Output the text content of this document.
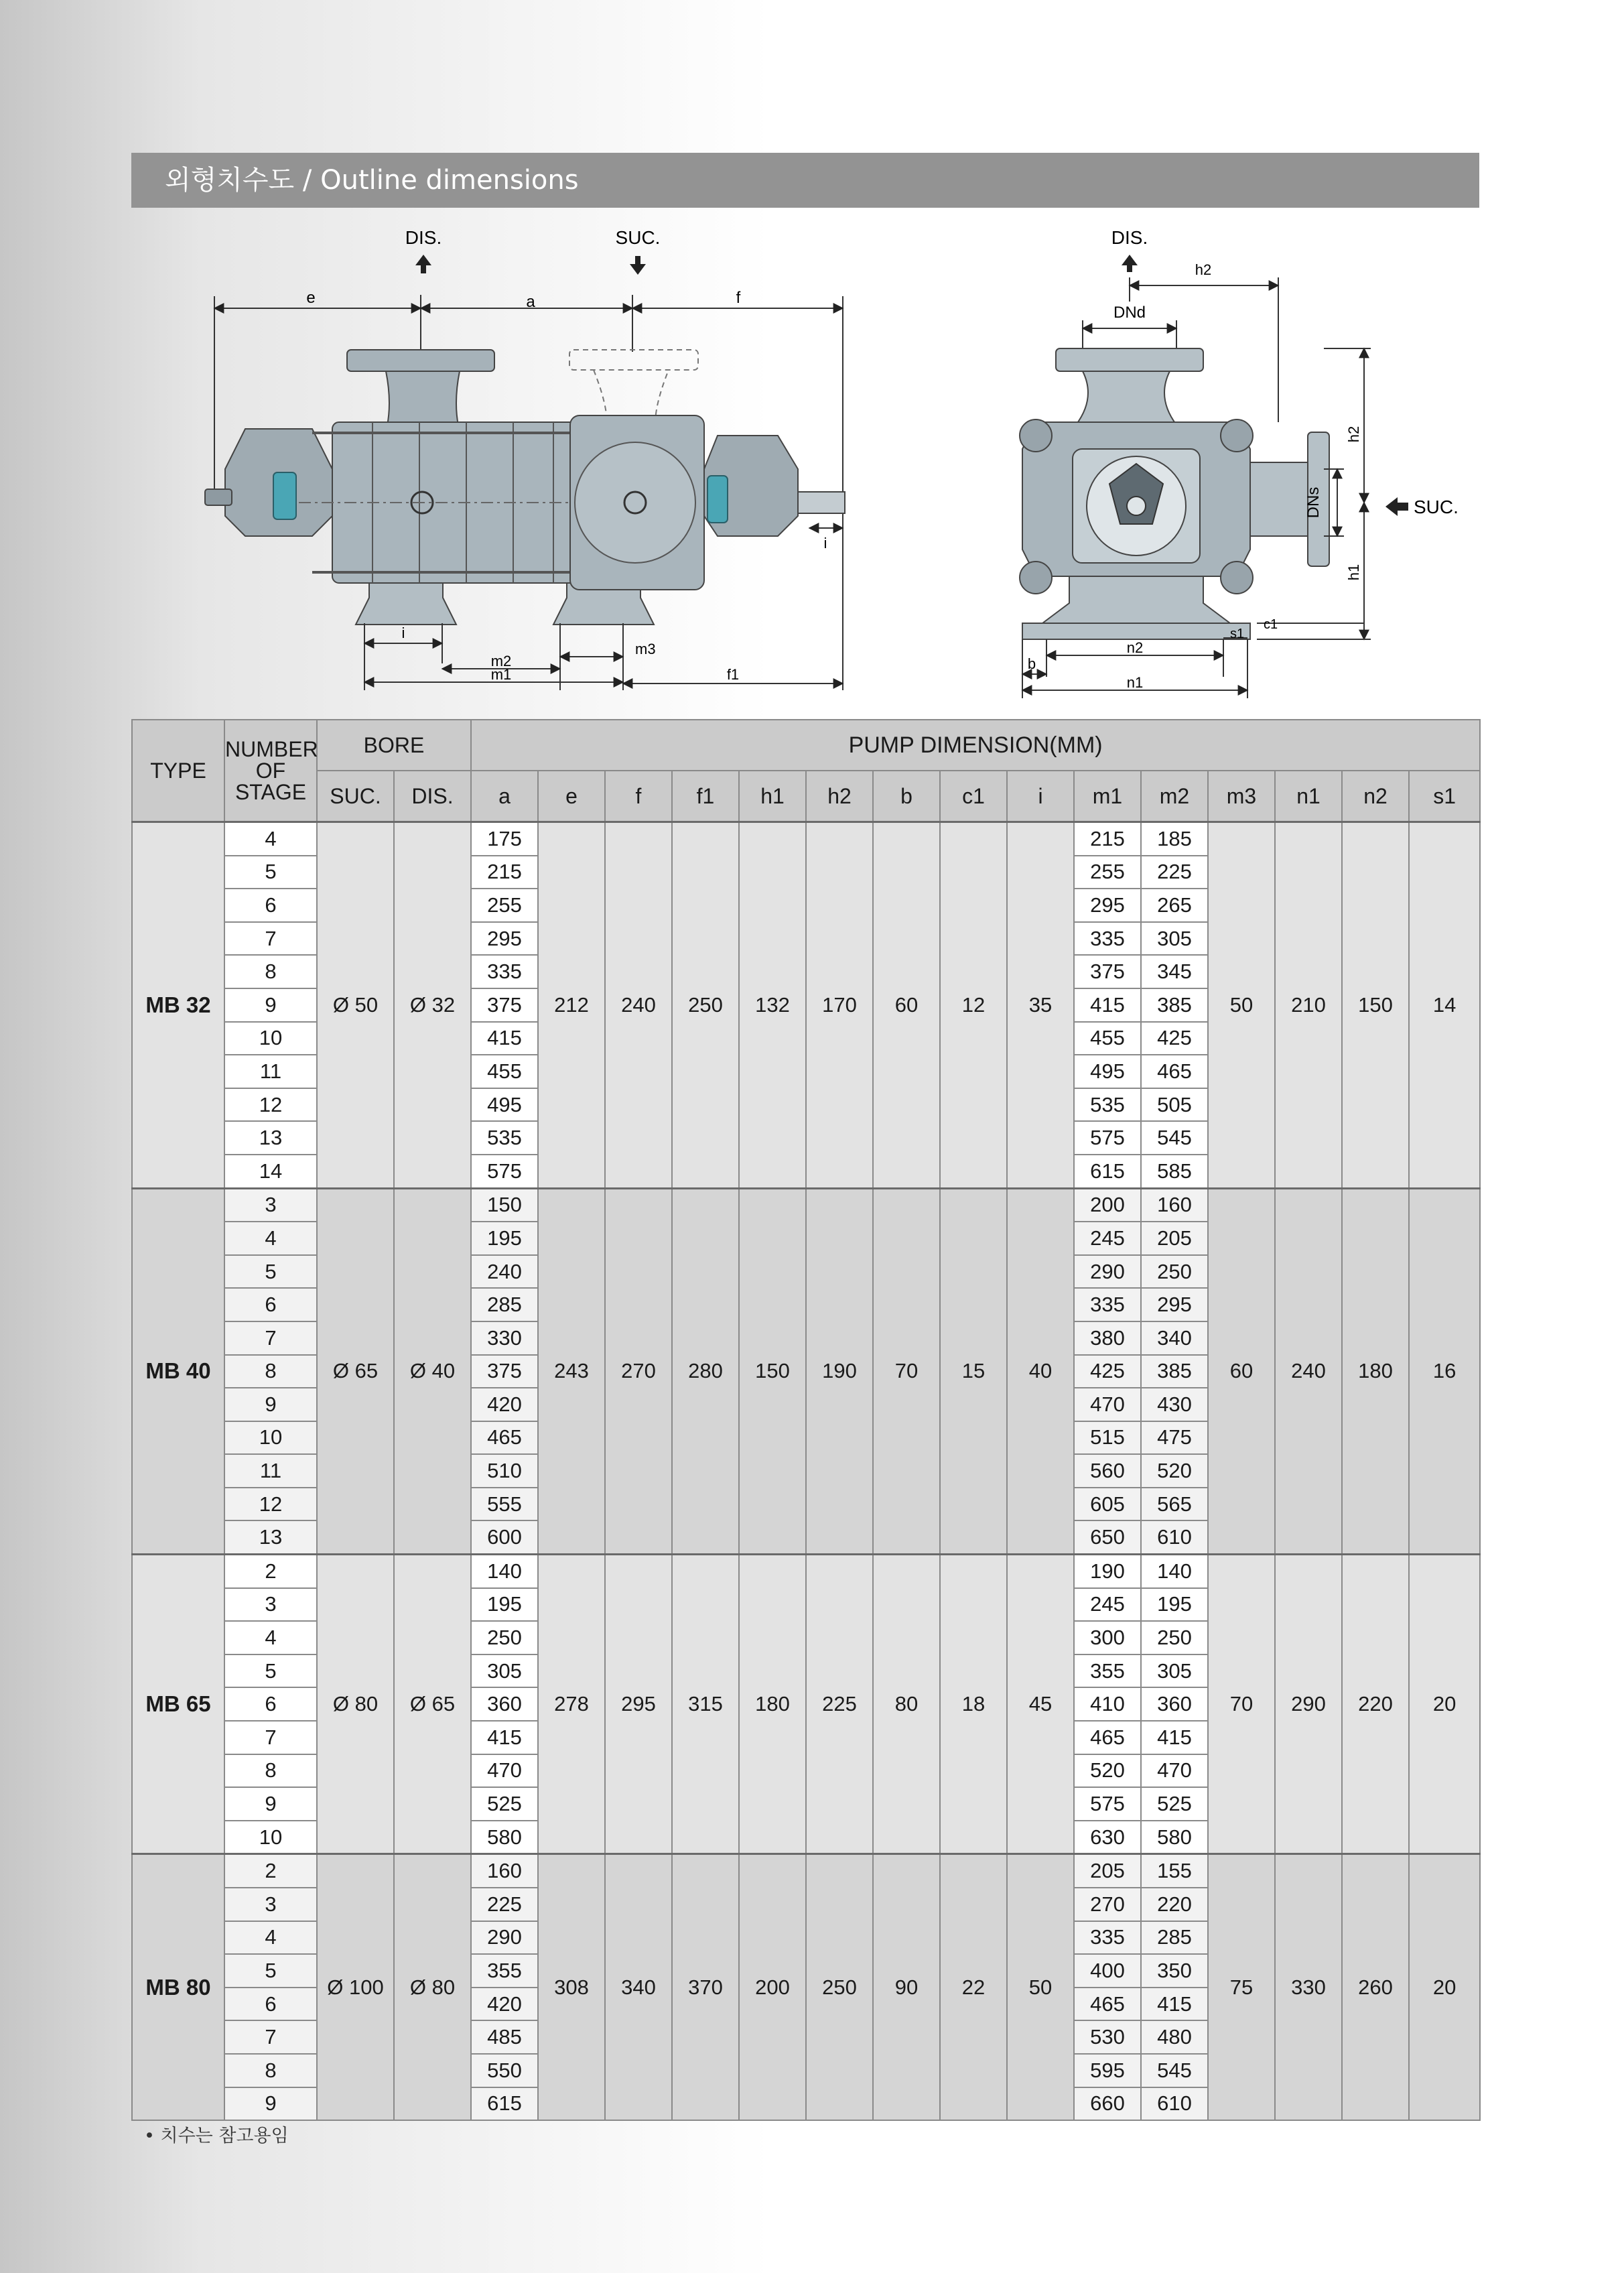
외형치수도 / Outline dimensions
e	a	f
DIS.	SUC.
i
i
m2
m1
m3
f1
DIS.
h2
DNd
h2
h1
DNs	SUC.
c1
n2
s1
b
n1
TYPE	NUMBER OF STAGE	BORE		PUMP DIMENSION(MM)														
		SUC.	DIS.	a	e	f	f1	h1	h2	b	c1	i	m1	m2	m3	n1	n2	s1
MB 32	4	Ø 50	Ø 32	175	212	240	250	132	170	60	12	35	215	185	50	210	150	14
	5			215									255	225				
	6			255									295	265				
	7			295									335	305				
	8			335									375	345				
	9			375									415	385				
	10			415									455	425				
	11			455									495	465				
	12			495									535	505				
	13			535									575	545				
	14			575									615	585				
MB 40	3	Ø 65	Ø 40	150	243	270	280	150	190	70	15	40	200	160	60	240	180	16
	4			195									245	205				
	5			240									290	250				
	6			285									335	295				
	7			330									380	340				
	8			375									425	385				
	9			420									470	430				
	10			465									515	475				
	11			510									560	520				
	12			555									605	565				
	13			600									650	610				
MB 65	2	Ø 80	Ø 65	140	278	295	315	180	225	80	18	45	190	140	70	290	220	20
	3			195									245	195				
	4			250									300	250				
	5			305									355	305				
	6			360									410	360				
	7			415									465	415				
	8			470									520	470				
	9			525									575	525				
	10			580									630	580				
MB 80	2	Ø 100	Ø 80	160	308	340	370	200	250	90	22	50	205	155	75	330	260	20
	3			225									270	220				
	4			290									335	285				
	5			355									400	350				
	6			420									465	415				
	7			485									530	480				
	8			550									595	545				
	9			615									660	610				
• 치수는 참고용임
